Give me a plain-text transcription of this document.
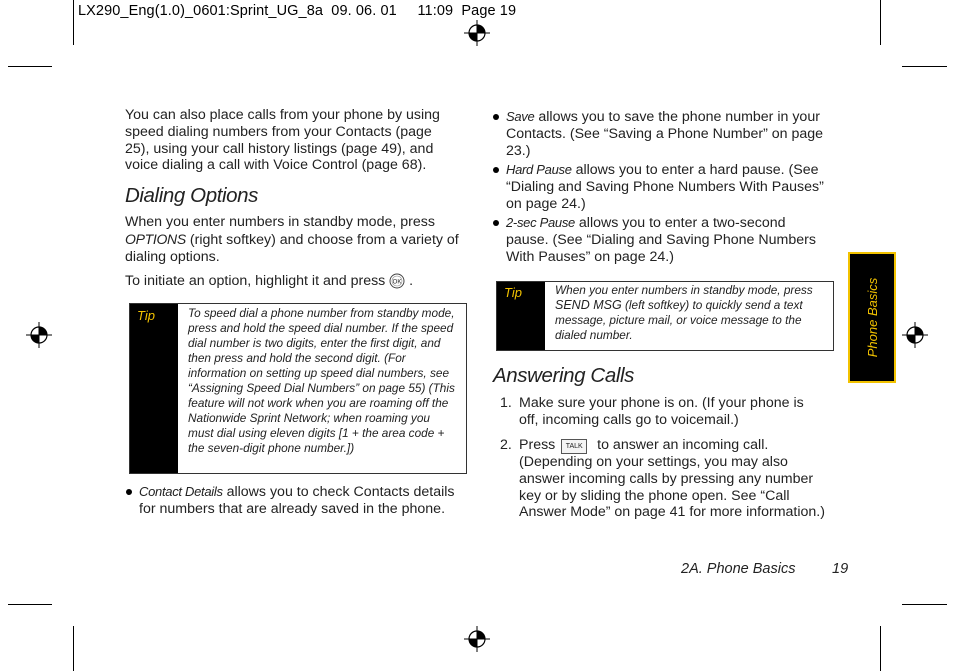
LX290_Eng(1.0)_0601:Sprint_UG_8a  09. 06. 01     11:09  Page 19
You can also place calls from your phone by using speed dialing numbers from your Contacts (page 25), using your call history listings (page 49), and voice dialing a call with Voice Control (page 68).
Dialing Options
When you enter numbers in standby mode, press OPTIONS (right softkey) and choose from a variety of dialing options.
To initiate an option, highlight it and press OK .
Tip	To speed dial a phone number from standby mode, press and hold the speed dial number. If the speed dial number is two digits, enter the first digit, and then press and hold the second digit. (For information on setting up speed dial numbers, see “Assigning Speed Dial Numbers” on page 55) (This feature will not work when you are roaming off the Nationwide Sprint Network; when roaming you must dial using eleven digits [1 + the area code + the seven-digit phone number.])
Contact Details allows you to check Contacts details for numbers that are already saved in the phone.
Save allows you to save the phone number in your Contacts. (See “Saving a Phone Number” on page 23.)
Hard Pause allows you to enter a hard pause. (See “Dialing and Saving Phone Numbers With Pauses” on page 24.)
2-sec Pause allows you to enter a two-second pause. (See “Dialing and Saving Phone Numbers With Pauses” on page 24.)
Tip	When you enter numbers in standby mode, press SEND MSG (left softkey) to quickly send a text message, picture mail, or voice message to the dialed number.
Answering Calls
1. Make sure your phone is on. (If your phone is off, incoming calls go to voicemail.)
2. Press TALK to answer an incoming call. (Depending on your settings, you may also answer incoming calls by pressing any number key or by sliding the phone open. See “Call Answer Mode” on page 41 for more information.)
Phone Basics
2A. Phone Basics	19
